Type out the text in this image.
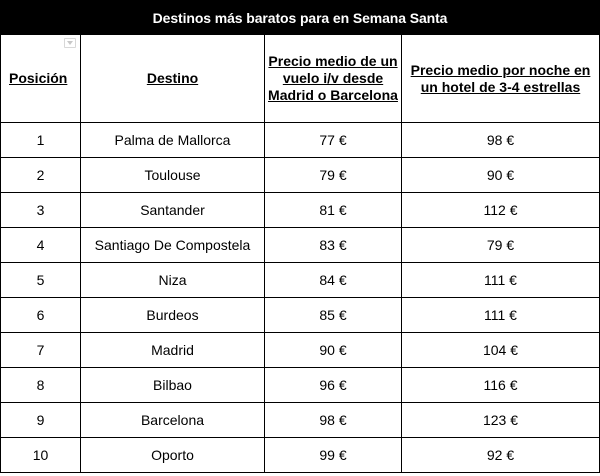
Destinos más baratos para en Semana Santa			

Posición	Destino	Precio medio de un vuelo i/v desde Madrid o Barcelona	Precio medio por noche en un hotel de 3-4 estrellas
1	Palma de Mallorca	77 €	98 €
2	Toulouse	79 €	90 €
3	Santander	81 €	112 €
4	Santiago De Compostela	83 €	79 €
5	Niza	84 €	111 €
6	Burdeos	85 €	111 €
7	Madrid	90 €	104 €
8	Bilbao	96 €	116 €
9	Barcelona	98 €	123 €
10	Oporto	99 €	92 €
